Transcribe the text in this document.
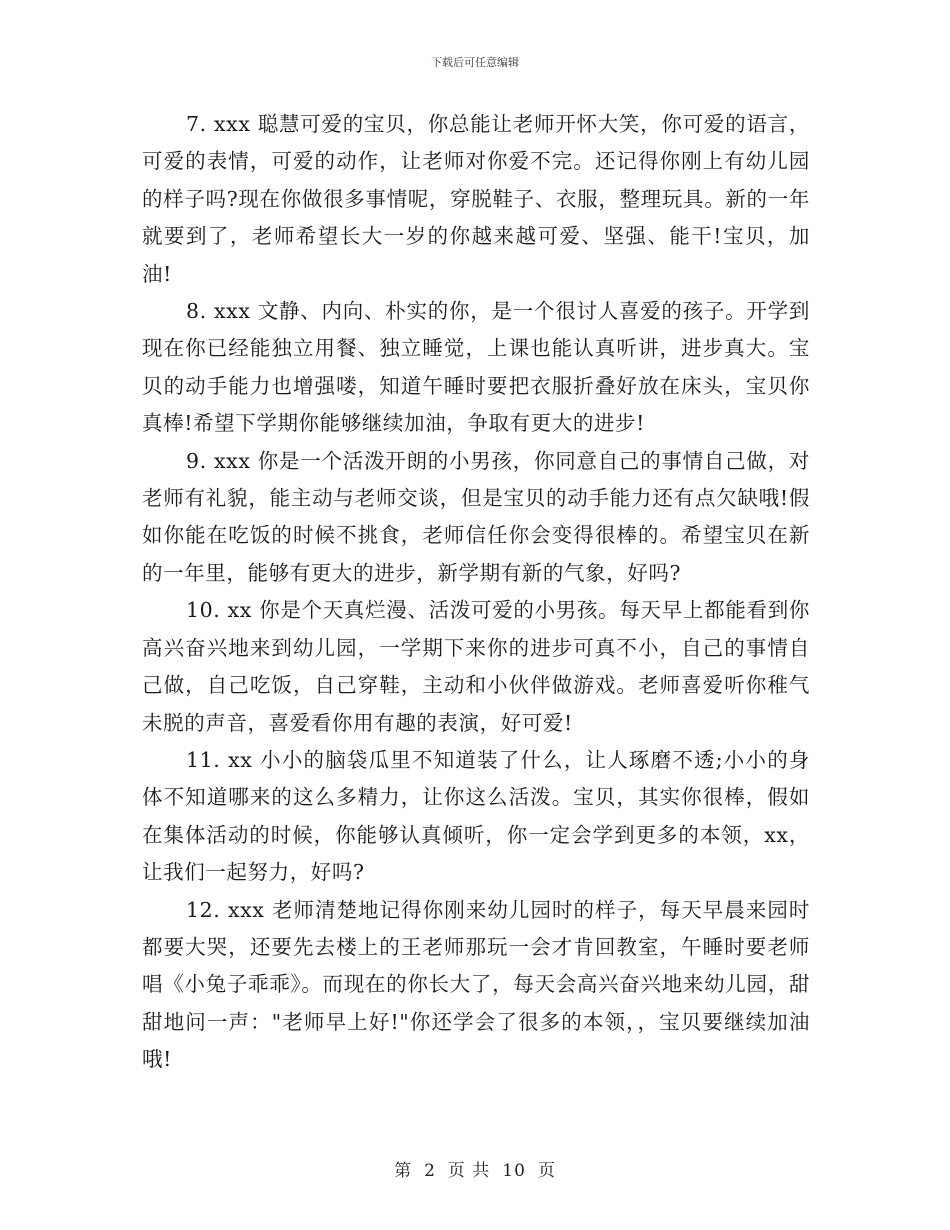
下载后可任意编辑

7. xxx 聪慧可爱的宝贝，你总能让老师开怀大笑，你可爱的语言，可爱的表情，可爱的动作，让老师对你爱不完。还记得你刚上有幼儿园的样子吗?现在你做很多事情呢，穿脱鞋子、衣服，整理玩具。新的一年就要到了，老师希望长大一岁的你越来越可爱、坚强、能干!宝贝，加油!

8. xxx 文静、内向、朴实的你，是一个很讨人喜爱的孩子。开学到现在你已经能独立用餐、独立睡觉，上课也能认真听讲，进步真大。宝贝的动手能力也增强喽，知道午睡时要把衣服折叠好放在床头，宝贝你真棒!希望下学期你能够继续加油，争取有更大的进步!

9. xxx 你是一个活泼开朗的小男孩，你同意自己的事情自己做，对老师有礼貌，能主动与老师交谈，但是宝贝的动手能力还有点欠缺哦!假如你能在吃饭的时候不挑食，老师信任你会变得很棒的。希望宝贝在新的一年里，能够有更大的进步，新学期有新的气象，好吗?

10. xx 你是个天真烂漫、活泼可爱的小男孩。每天早上都能看到你高兴奋兴地来到幼儿园，一学期下来你的进步可真不小，自己的事情自己做，自己吃饭，自己穿鞋，主动和小伙伴做游戏。老师喜爱听你稚气未脱的声音，喜爱看你用有趣的表演，好可爱!

11. xx 小小的脑袋瓜里不知道装了什么，让人琢磨不透;小小的身体不知道哪来的这么多精力，让你这么活泼。宝贝，其实你很棒，假如在集体活动的时候，你能够认真倾听，你一定会学到更多的本领，xx，让我们一起努力，好吗?

12. xxx 老师清楚地记得你刚来幼儿园时的样子，每天早晨来园时都要大哭，还要先去楼上的王老师那玩一会才肯回教室，午睡时要老师唱《小兔子乖乖》。而现在的你长大了，每天会高兴奋兴地来幼儿园，甜甜地问一声："老师早上好!"你还学会了很多的本领，，宝贝要继续加油哦!

第 2 页 共 10 页
